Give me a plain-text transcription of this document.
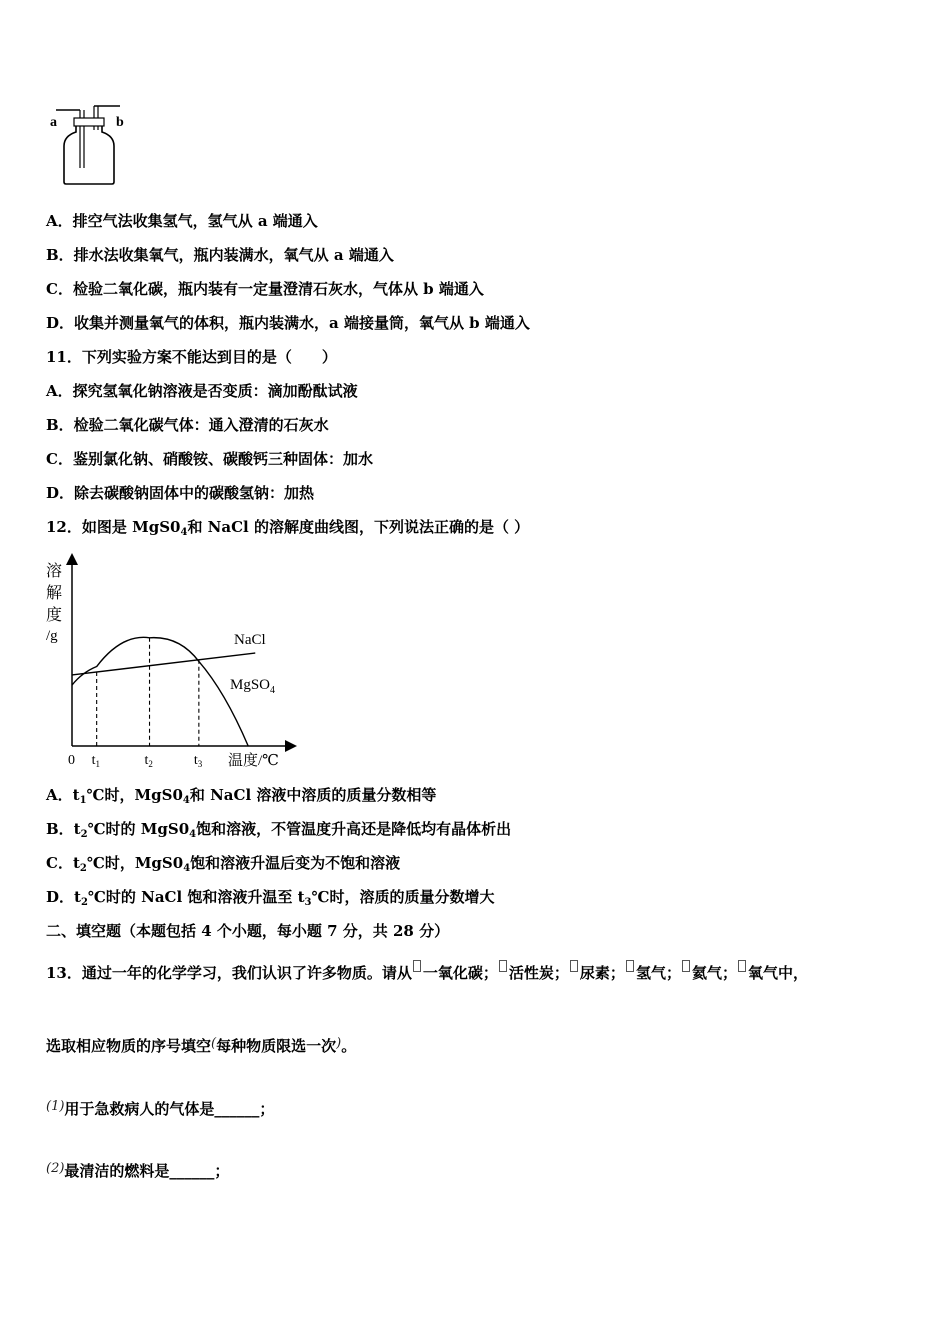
a	b
A．排空气法收集氢气，氢气从 a 端通入
B．排水法收集氧气，瓶内装满水，氧气从 a 端通入
C．检验二氧化碳，瓶内装有一定量澄清石灰水，气体从 b 端通入
D．收集并测量氧气的体积，瓶内装满水，a 端接量筒，氧气从 b 端通入
11．下列实验方案不能达到目的是（　　）
A．探究氢氧化钠溶液是否变质：滴加酚酞试液
B．检验二氧化碳气体：通入澄清的石灰水
C．鉴别氯化钠、硝酸铵、碳酸钙三种固体：加水
D．除去碳酸钠固体中的碳酸氢钠：加热
12．如图是 $MgS0_4$和 NaCl 的溶解度曲线图，下列说法正确的是（ ）
$t_1$	$t_2$	$t_3$
溶
解
度
/g
0	温度/℃
NaCl
MgSO$_4$
A．$t_1℃$时，$MgS0_4$和 NaCl 溶液中溶质的质量分数相等
B．$t_2℃$时的 $MgS0_4$饱和溶液，不管温度升高还是降低均有晶体析出
C．$t_2℃$时，$MgS0_4$饱和溶液升温后变为不饱和溶液
D．$t_2℃$时的 NaCl 饱和溶液升温至 $t_3℃$时，溶质的质量分数增大
二、填空题（本题包括 4 个小题，每小题 7 分，共 28 分）
13．通过一年的化学学习，我们认识了许多物质。请从 一氧化碳； 活性炭； 尿素； 氢气； 氦气； 氧气中，
选取相应物质的序号填空(每种物质限选一次)。
(1)用于急救病人的气体是______；
(2)最清洁的燃料是______；
